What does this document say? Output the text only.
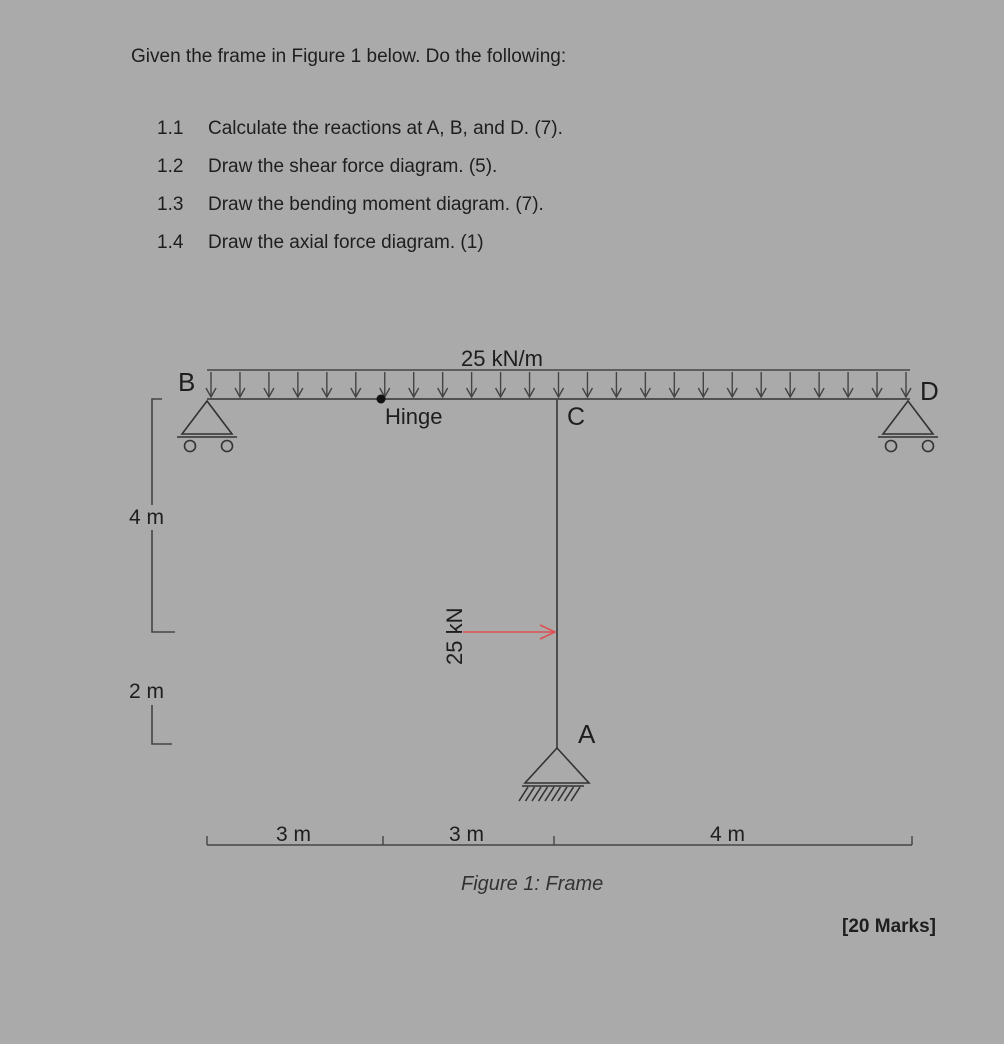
Given the frame in Figure 1 below. Do the following:
1.1	Calculate the reactions at A, B, and D. (7).
1.2	Draw the shear force diagram. (5).
1.3	Draw the bending moment diagram. (7).
1.4	Draw the axial force diagram. (1)
25 kN/m
Hinge
B
C
D
A
25 kN
4 m
2 m
3 m	3 m	4 m
Figure 1: Frame
[20 Marks]
